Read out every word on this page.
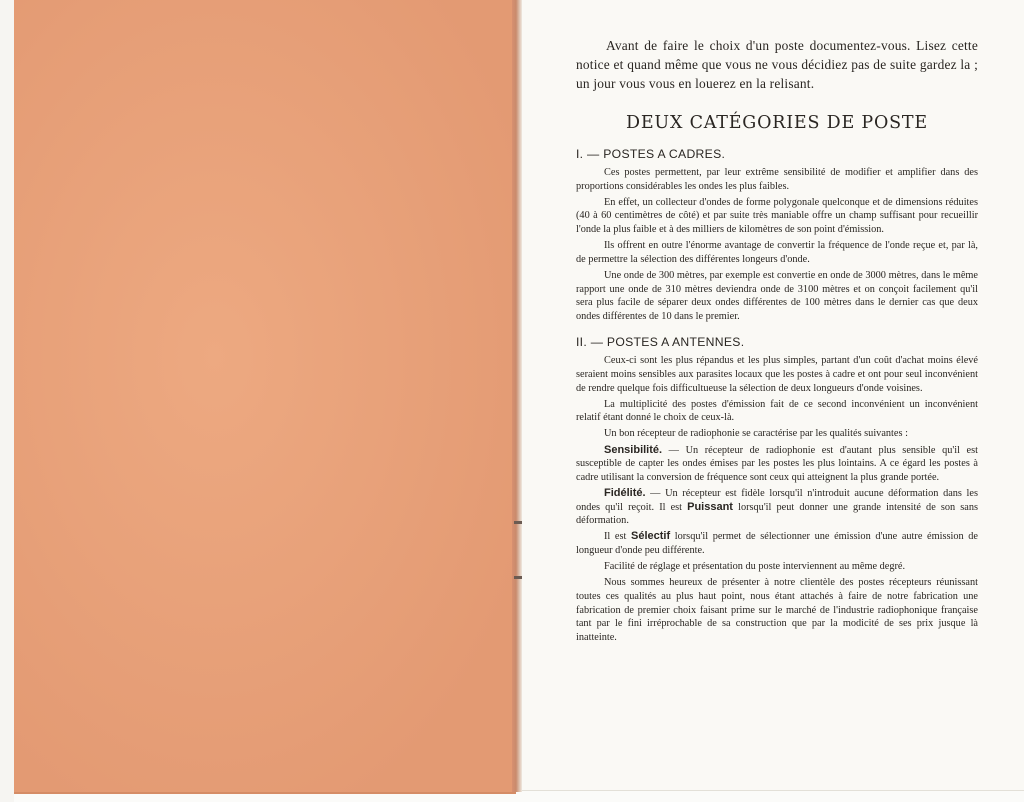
Avant de faire le choix d'un poste documentez-vous. Lisez cette notice et quand même que vous ne vous décidiez pas de suite gardez la ; un jour vous vous en louerez en la relisant.

DEUX CATÉGORIES DE POSTE
I. — POSTES A CADRES.

Ces postes permettent, par leur extrême sensibilité de modifier et amplifier dans des proportions considérables les ondes les plus faibles.

En effet, un collecteur d'ondes de forme polygonale quelconque et de dimensions réduites (40 à 60 centimètres de côté) et par suite très maniable offre un champ suffisant pour recueillir l'onde la plus faible et à des milliers de kilomètres de son point d'émission.

Ils offrent en outre l'énorme avantage de convertir la fréquence de l'onde reçue et, par là, de permettre la sélection des différentes longeurs d'onde.

Une onde de 300 mètres, par exemple est convertie en onde de 3000 mètres, dans le même rapport une onde de 310 mètres deviendra onde de 3100 mètres et on conçoit facilement qu'il sera plus facile de séparer deux ondes différentes de 100 mètres dans le dernier cas que deux ondes différentes de 10 dans le premier.

II. — POSTES A ANTENNES.

Ceux-ci sont les plus répandus et les plus simples, partant d'un coût d'achat moins élevé seraient moins sensibles aux parasites locaux que les postes à cadre et ont pour seul inconvénient de rendre quelque fois difficultueuse la sélection de deux longueurs d'onde voisines.

La multiplicité des postes d'émission fait de ce second inconvénient un inconvénient relatif étant donné le choix de ceux-là.

Un bon récepteur de radiophonie se caractérise par les qualités suivantes :

Sensibilité. — Un récepteur de radiophonie est d'autant plus sensible qu'il est susceptible de capter les ondes émises par les postes les plus lointains. A ce égard les postes à cadre utilisant la conversion de fréquence sont ceux qui atteignent la plus grande portée.

Fidélité. — Un récepteur est fidèle lorsqu'il n'introduit aucune déformation dans les ondes qu'il reçoit. Il est Puissant lorsqu'il peut donner une grande intensité de son sans déformation.

Il est Sélectif lorsqu'il permet de sélectionner une émission d'une autre émission de longueur d'onde peu différente.

Facilité de réglage et présentation du poste interviennent au même degré.

Nous sommes heureux de présenter à notre clientèle des postes récepteurs réunissant toutes ces qualités au plus haut point, nous étant attachés à faire de notre fabrication une fabrication de premier choix faisant prime sur le marché de l'industrie radiophonique française tant par le fini irréprochable de sa construction que par la modicité de ses prix jusque là inatteinte.
